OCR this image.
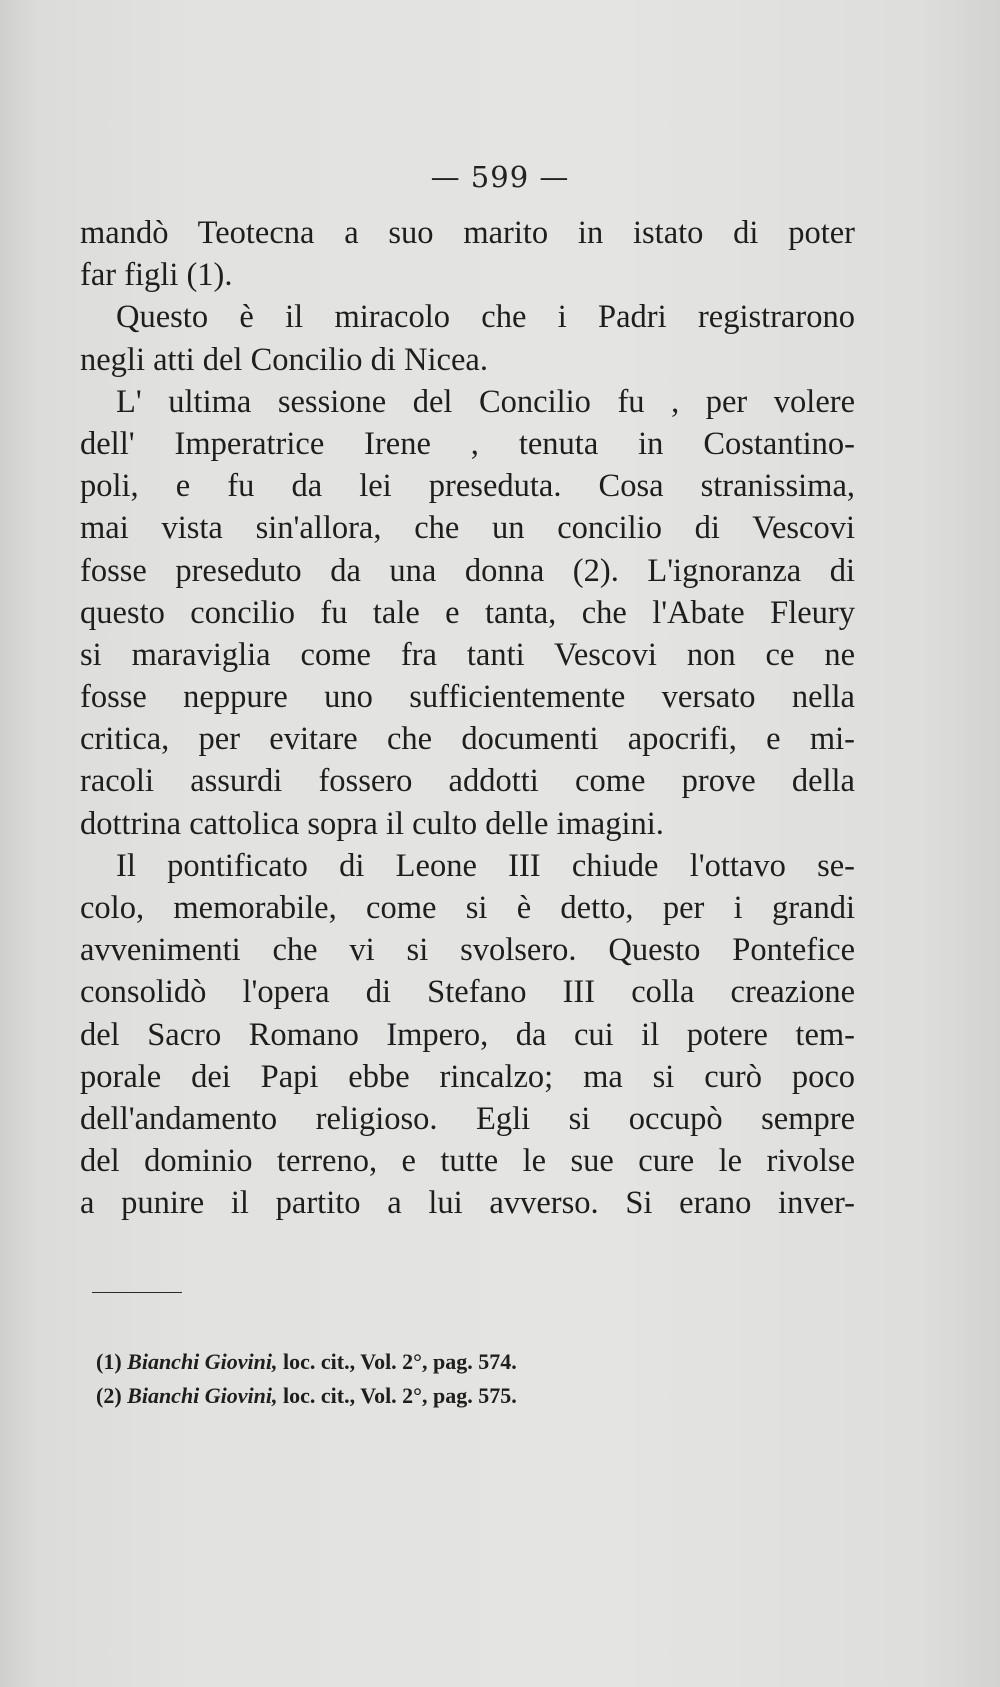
— 599 —
mandò Teotecna a suo marito in istato di poter
far figli (1).
Questo è il miracolo che i Padri registrarono
negli atti del Concilio di Nicea.
L' ultima sessione del Concilio fu , per volere
dell' Imperatrice Irene , tenuta in Costantino-
poli, e fu da lei preseduta. Cosa stranissima,
mai vista sin'allora, che un concilio di Vescovi
fosse preseduto da una donna (2). L'ignoranza di
questo concilio fu tale e tanta, che l'Abate Fleury
si maraviglia come fra tanti Vescovi non ce ne
fosse neppure uno sufficientemente versato nella
critica, per evitare che documenti apocrifi, e mi-
racoli assurdi fossero addotti come prove della
dottrina cattolica sopra il culto delle imagini.
Il pontificato di Leone III chiude l'ottavo se-
colo, memorabile, come si è detto, per i grandi
avvenimenti che vi si svolsero. Questo Pontefice
consolidò l'opera di Stefano III colla creazione
del Sacro Romano Impero, da cui il potere tem-
porale dei Papi ebbe rincalzo; ma si curò poco
dell'andamento religioso. Egli si occupò sempre
del dominio terreno, e tutte le sue cure le rivolse
a punire il partito a lui avverso. Si erano inver-
(1) Bianchi Giovini, loc. cit., Vol. 2°, pag. 574.
(2) Bianchi Giovini, loc. cit., Vol. 2°, pag. 575.
